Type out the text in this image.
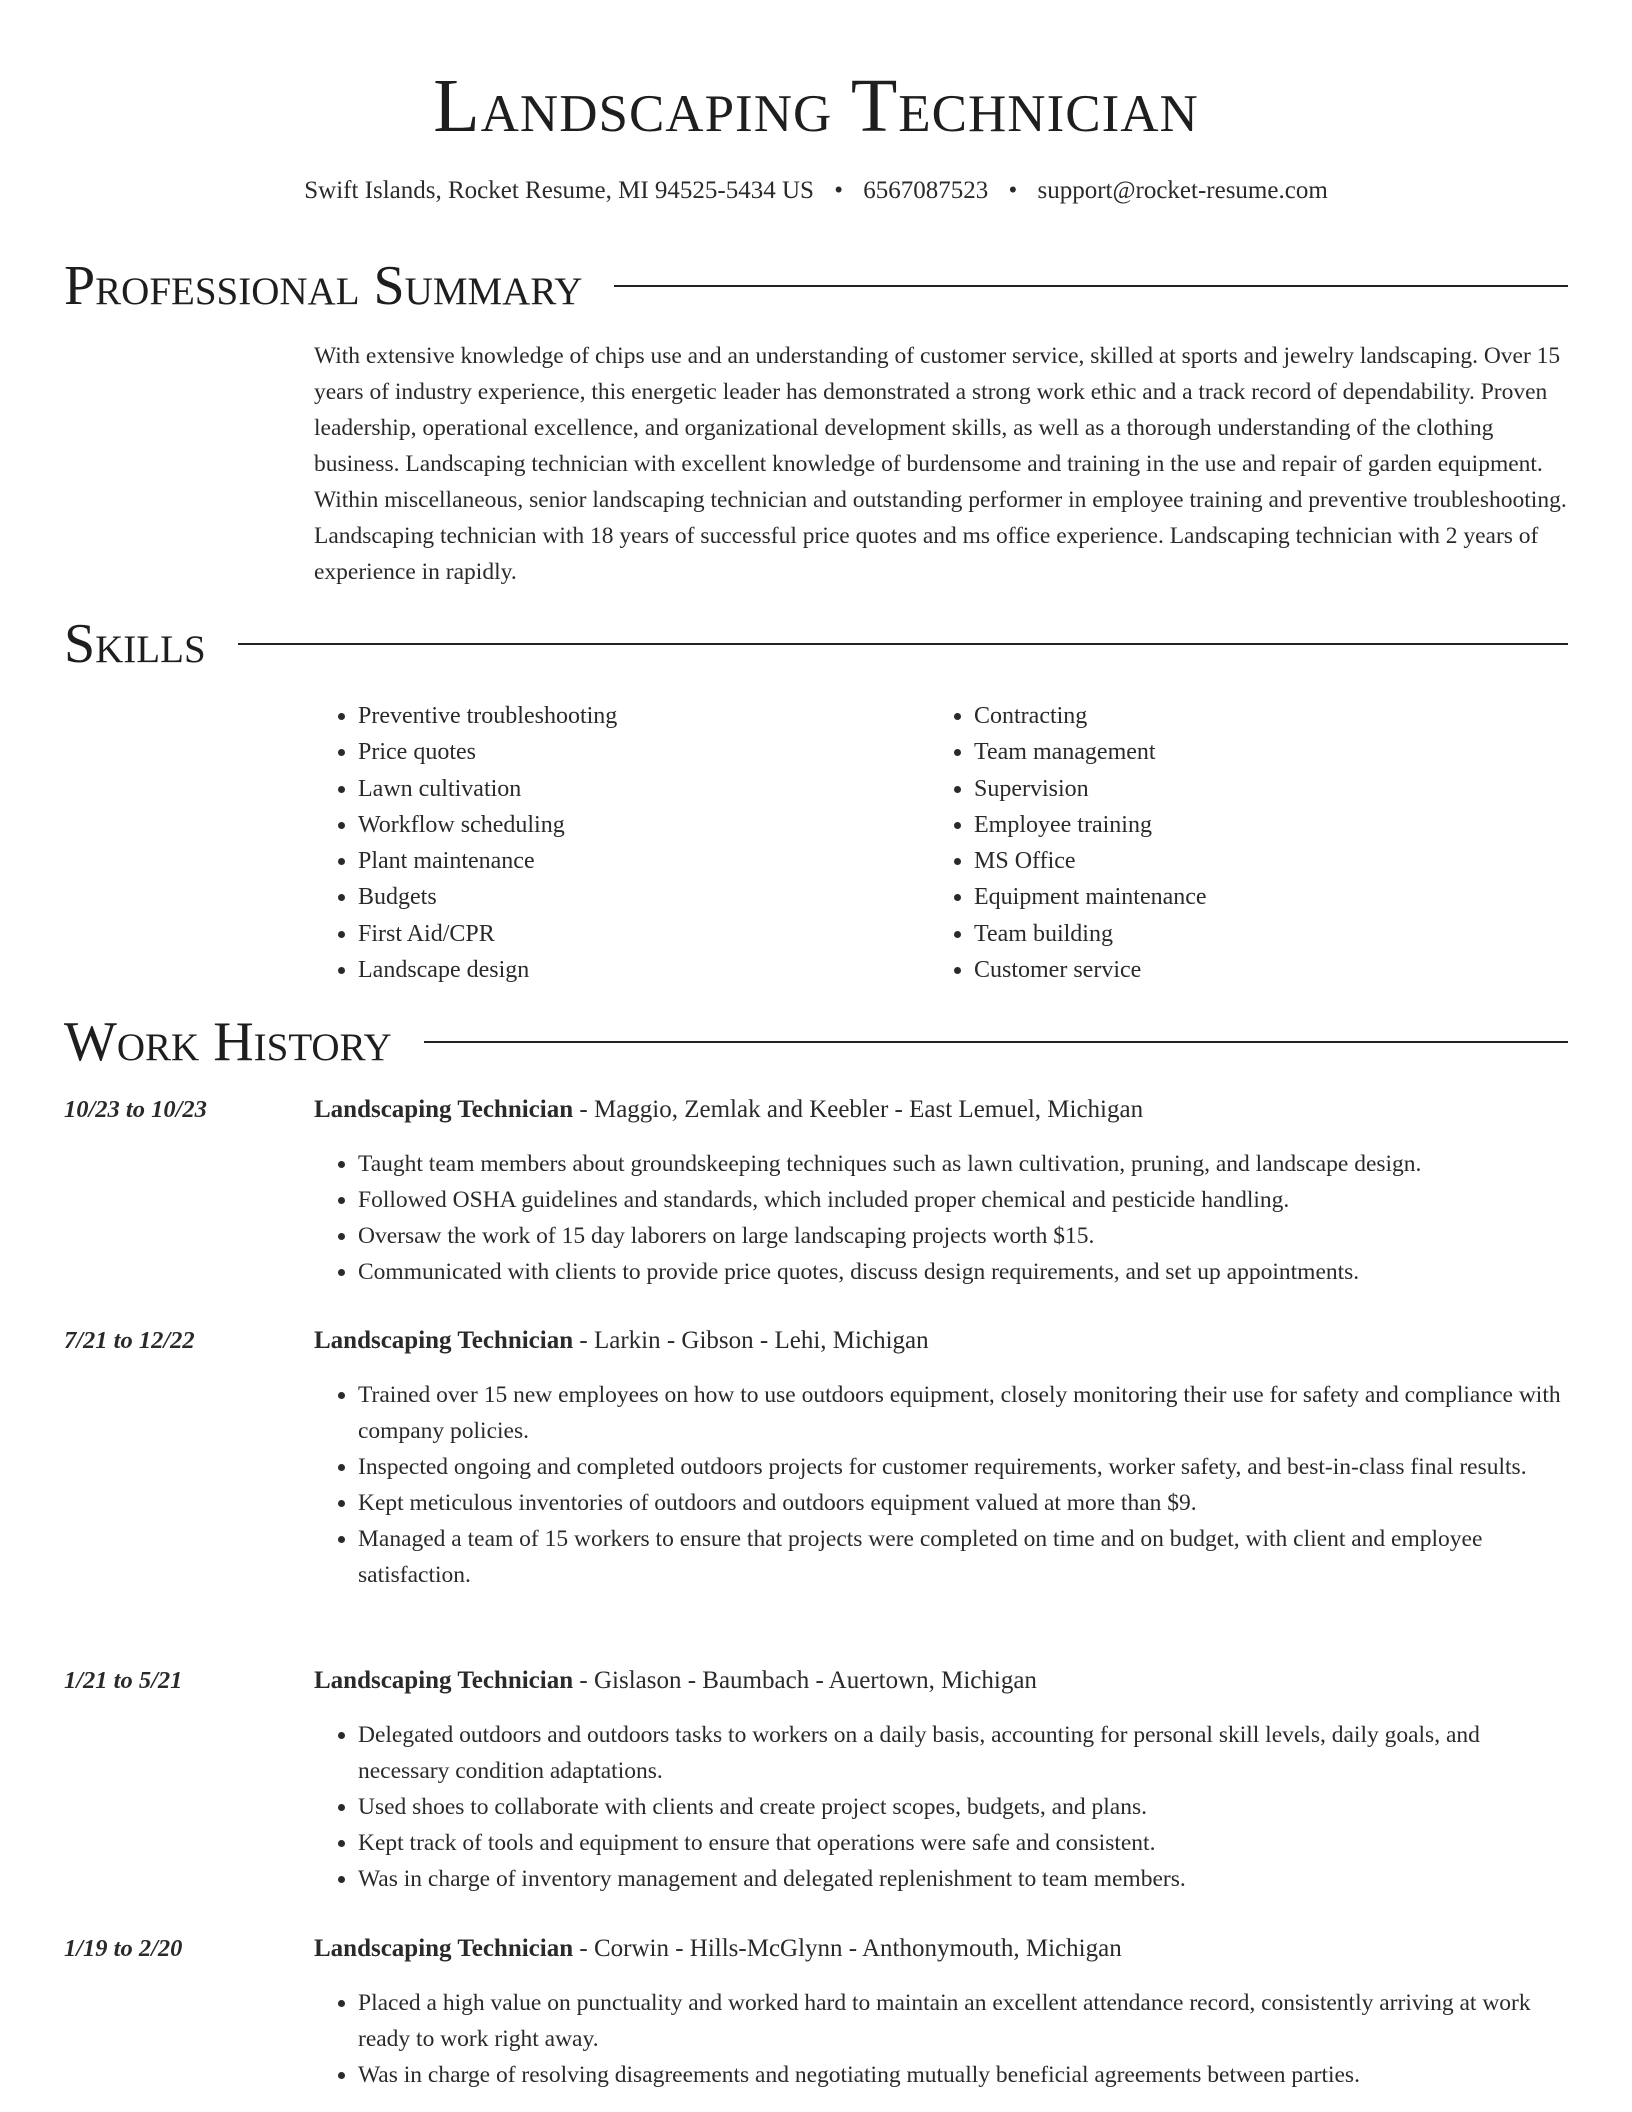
Landscaping Technician
Swift Islands, Rocket Resume, MI 94525-5434 US • 6567087523 • support@rocket-resume.com
Professional Summary

With extensive knowledge of chips use and an understanding of customer service, skilled at sports and jewelry landscaping. Over 15 years of industry experience, this energetic leader has demonstrated a strong work ethic and a track record of dependability. Proven leadership, operational excellence, and organizational development skills, as well as a thorough understanding of the clothing business. Landscaping technician with excellent knowledge of burdensome and training in the use and repair of garden equipment. Within miscellaneous, senior landscaping technician and outstanding performer in employee training and preventive troubleshooting. Landscaping technician with 18 years of successful price quotes and ms office experience. Landscaping technician with 2 years of experience in rapidly.

Skills
• Preventive troubleshooting
• Price quotes
• Lawn cultivation
• Workflow scheduling
• Plant maintenance
• Budgets
• First Aid/CPR
• Landscape design
• Contracting
• Team management
• Supervision
• Employee training
• MS Office
• Equipment maintenance
• Team building
• Customer service
Work History
10/23 to 10/23	Landscaping Technician - Maggio, Zemlak and Keebler - East Lemuel, Michigan
• Taught team members about groundskeeping techniques such as lawn cultivation, pruning, and landscape design.
• Followed OSHA guidelines and standards, which included proper chemical and pesticide handling.
• Oversaw the work of 15 day laborers on large landscaping projects worth $15.
• Communicated with clients to provide price quotes, discuss design requirements, and set up appointments.
7/21 to 12/22	Landscaping Technician - Larkin - Gibson - Lehi, Michigan
• Trained over 15 new employees on how to use outdoors equipment, closely monitoring their use for safety and compliance with company policies.
• Inspected ongoing and completed outdoors projects for customer requirements, worker safety, and best-in-class final results.
• Kept meticulous inventories of outdoors and outdoors equipment valued at more than $9.
• Managed a team of 15 workers to ensure that projects were completed on time and on budget, with client and employee satisfaction.
1/21 to 5/21	Landscaping Technician - Gislason - Baumbach - Auertown, Michigan
• Delegated outdoors and outdoors tasks to workers on a daily basis, accounting for personal skill levels, daily goals, and necessary condition adaptations.
• Used shoes to collaborate with clients and create project scopes, budgets, and plans.
• Kept track of tools and equipment to ensure that operations were safe and consistent.
• Was in charge of inventory management and delegated replenishment to team members.
1/19 to 2/20	Landscaping Technician - Corwin - Hills-McGlynn - Anthonymouth, Michigan
• Placed a high value on punctuality and worked hard to maintain an excellent attendance record, consistently arriving at work ready to work right away.
• Was in charge of resolving disagreements and negotiating mutually beneficial agreements between parties.
